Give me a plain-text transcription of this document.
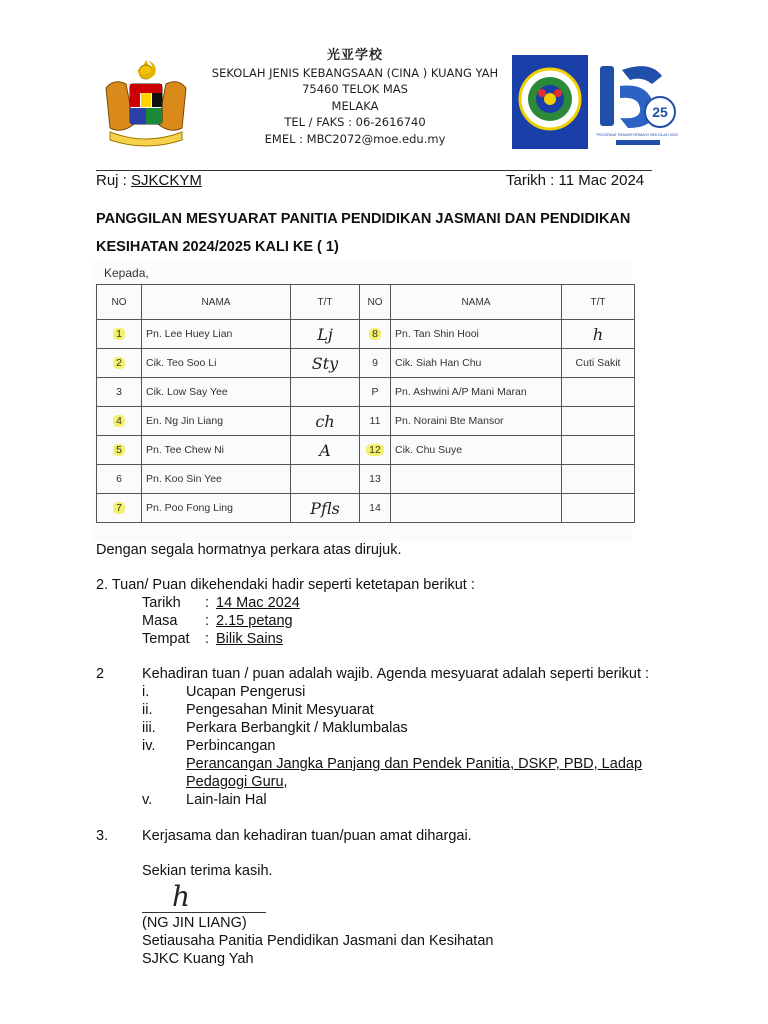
光亚学校
SEKOLAH JENIS KEBANGSAAN (CINA ) KUANG YAH
75460 TELOK MAS
MELAKA
TEL / FAKS : 06-2616740
EMEL : MBC2072@moe.edu.my
25
PROGRAM TRANSFORMASI SEKOLAH 2025
Ruj : SJKCKYM	Tarikh : 11 Mac 2024
PANGGILAN MESYUARAT PANITIA PENDIDIKAN JASMANI DAN PENDIDIKAN
KESIHATAN 2024/2025 KALI KE ( 1)
Kepada,
NO	NAMA	T/T	NO	NAMA	T/T
1	Pn. Lee Huey Lian	Lj	8	Pn. Tan Shin Hooi	h
2	Cik. Teo Soo Li	Sty	9	Cik. Siah Han Chu	Cuti Sakit
3	Cik. Low Say Yee		P	Pn. Ashwini A/P Mani Maran	
4	En. Ng Jin Liang	ch	11	Pn. Noraini Bte Mansor	
5	Pn. Tee Chew Ni	A	12	Cik. Chu Suye	
6	Pn. Koo Sin Yee		13		
7	Pn. Poo Fong Ling	Pfls	14		
Dengan segala hormatnya perkara atas dirujuk.
2. Tuan/ Puan dikehendaki hadir seperti ketetapan berikut :
Tarikh : 14 Mac 2024
Masa : 2.15 petang
Tempat : Bilik Sains
2	Kehadiran tuan / puan adalah wajib. Agenda mesyuarat adalah seperti berikut :
i.	Ucapan Pengerusi
ii. Pengesahan Minit Mesyuarat
iii. Perkara Berbangkit / Maklumbalas
iv. Perbincangan
Perancangan Jangka Panjang dan Pendek Panitia, DSKP, PBD, Ladap
Pedagogi Guru,
v. Lain-lain Hal
3. Kerjasama dan kehadiran tuan/puan amat dihargai.
Sekian terima kasih.
h
(NG JIN LIANG)
Setiausaha Panitia Pendidikan Jasmani dan Kesihatan
SJKC Kuang Yah
